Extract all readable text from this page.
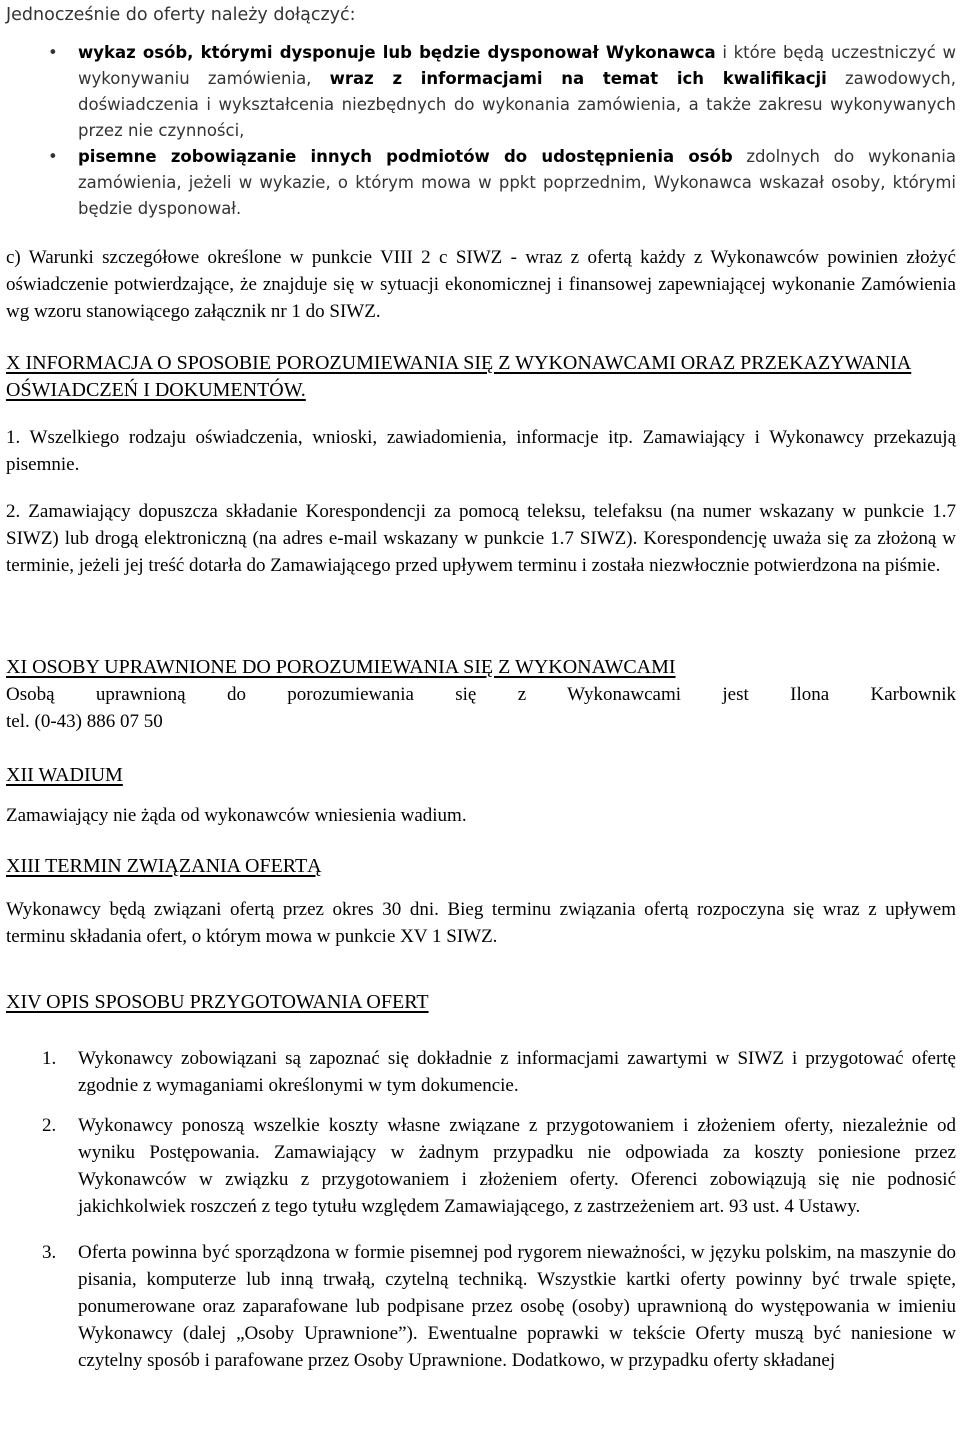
Jednocześnie do oferty należy dołączyć:

• wykaz osób, którymi dysponuje lub będzie dysponował Wykonawca i które będą uczestniczyć w wykonywaniu zamówienia, wraz z informacjami na temat ich kwalifikacji zawodowych, doświadczenia i wykształcenia niezbędnych do wykonania zamówienia, a także zakresu wykonywanych przez nie czynności,
• pisemne zobowiązanie innych podmiotów do udostępnienia osób zdolnych do wykonania zamówienia, jeżeli w wykazie, o którym mowa w ppkt poprzednim, Wykonawca wskazał osoby, którymi będzie dysponował.

c) Warunki szczegółowe określone w punkcie VIII 2 c SIWZ - wraz z ofertą każdy z Wykonawców powinien złożyć oświadczenie potwierdzające, że znajduje się w sytuacji ekonomicznej i finansowej zapewniającej wykonanie Zamówienia wg wzoru stanowiącego załącznik nr 1 do SIWZ.

X INFORMACJA O SPOSOBIE POROZUMIEWANIA SIĘ Z WYKONAWCAMI ORAZ PRZEKAZYWANIA OŚWIADCZEŃ I DOKUMENTÓW.

1. Wszelkiego rodzaju oświadczenia, wnioski, zawiadomienia, informacje itp. Zamawiający i Wykonawcy przekazują pisemnie.

2. Zamawiający dopuszcza składanie Korespondencji za pomocą teleksu, telefaksu (na numer wskazany w punkcie 1.7 SIWZ) lub drogą elektroniczną (na adres e-mail wskazany w punkcie 1.7 SIWZ). Korespondencję uważa się za złożoną w terminie, jeżeli jej treść dotarła do Zamawiającego przed upływem terminu i została niezwłocznie potwierdzona na piśmie.

XI OSOBY UPRAWNIONE DO POROZUMIEWANIA SIĘ Z WYKONAWCAMI

Osobą uprawnioną do porozumiewania się z Wykonawcami jest Ilona Karbownik

tel. (0-43) 886 07 50

XII WADIUM

Zamawiający nie żąda od wykonawców wniesienia wadium.

XIII TERMIN ZWIĄZANIA OFERTĄ

Wykonawcy będą związani ofertą przez okres 30 dni. Bieg terminu związania ofertą rozpoczyna się wraz z upływem terminu składania ofert, o którym mowa w punkcie XV 1 SIWZ.

XIV OPIS SPOSOBU PRZYGOTOWANIA OFERT
1. Wykonawcy zobowiązani są zapoznać się dokładnie z informacjami zawartymi w SIWZ i przygotować ofertę zgodnie z wymaganiami określonymi w tym dokumencie.
2. Wykonawcy ponoszą wszelkie koszty własne związane z przygotowaniem i złożeniem oferty, niezależnie od wyniku Postępowania. Zamawiający w żadnym przypadku nie odpowiada za koszty poniesione przez Wykonawców w związku z przygotowaniem i złożeniem oferty. Oferenci zobowiązują się nie podnosić jakichkolwiek roszczeń z tego tytułu względem Zamawiającego, z zastrzeżeniem art. 93 ust. 4 Ustawy.
3. Oferta powinna być sporządzona w formie pisemnej pod rygorem nieważności, w języku polskim, na maszynie do pisania, komputerze lub inną trwałą, czytelną techniką. Wszystkie kartki oferty powinny być trwale spięte, ponumerowane oraz zaparafowane lub podpisane przez osobę (osoby) uprawnioną do występowania w imieniu Wykonawcy (dalej „Osoby Uprawnione”). Ewentualne poprawki w tekście Oferty muszą być naniesione w czytelny sposób i parafowane przez Osoby Uprawnione. Dodatkowo, w przypadku oferty składanej
